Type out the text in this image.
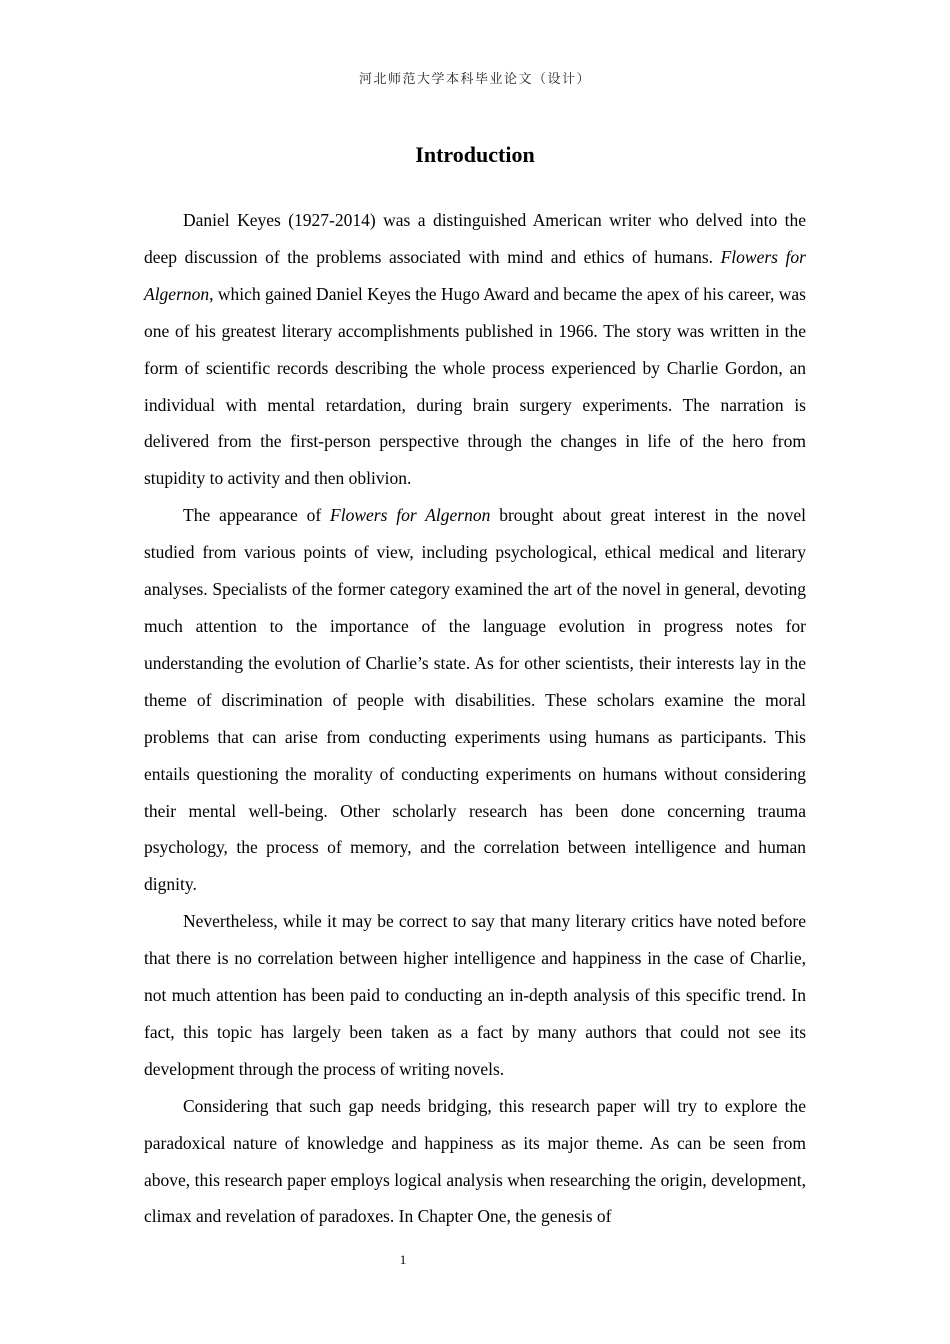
河北师范大学本科毕业论文（设计）
Introduction

Daniel Keyes (1927-2014) was a distinguished American writer who delved into the deep discussion of the problems associated with mind and ethics of humans. Flowers for Algernon, which gained Daniel Keyes the Hugo Award and became the apex of his career, was one of his greatest literary accomplishments published in 1966. The story was written in the form of scientific records describing the whole process experienced by Charlie Gordon, an individual with mental retardation, during brain surgery experiments. The narration is delivered from the first-person perspective through the changes in life of the hero from stupidity to activity and then oblivion.

The appearance of Flowers for Algernon brought about great interest in the novel studied from various points of view, including psychological, ethical medical and literary analyses. Specialists of the former category examined the art of the novel in general, devoting much attention to the importance of the language evolution in progress notes for understanding the evolution of Charlie’s state. As for other scientists, their interests lay in the theme of discrimination of people with disabilities. These scholars examine the moral problems that can arise from conducting experiments using humans as participants. This entails questioning the morality of conducting experiments on humans without considering their mental well-being. Other scholarly research has been done concerning trauma psychology, the process of memory, and the correlation between intelligence and human dignity.

Nevertheless, while it may be correct to say that many literary critics have noted before that there is no correlation between higher intelligence and happiness in the case of Charlie, not much attention has been paid to conducting an in-depth analysis of this specific trend. In fact, this topic has largely been taken as a fact by many authors that could not see its development through the process of writing novels.

Considering that such gap needs bridging, this research paper will try to explore the paradoxical nature of knowledge and happiness as its major theme. As can be seen from above, this research paper employs logical analysis when researching the origin, development, climax and revelation of paradoxes. In Chapter One, the genesis of

1
